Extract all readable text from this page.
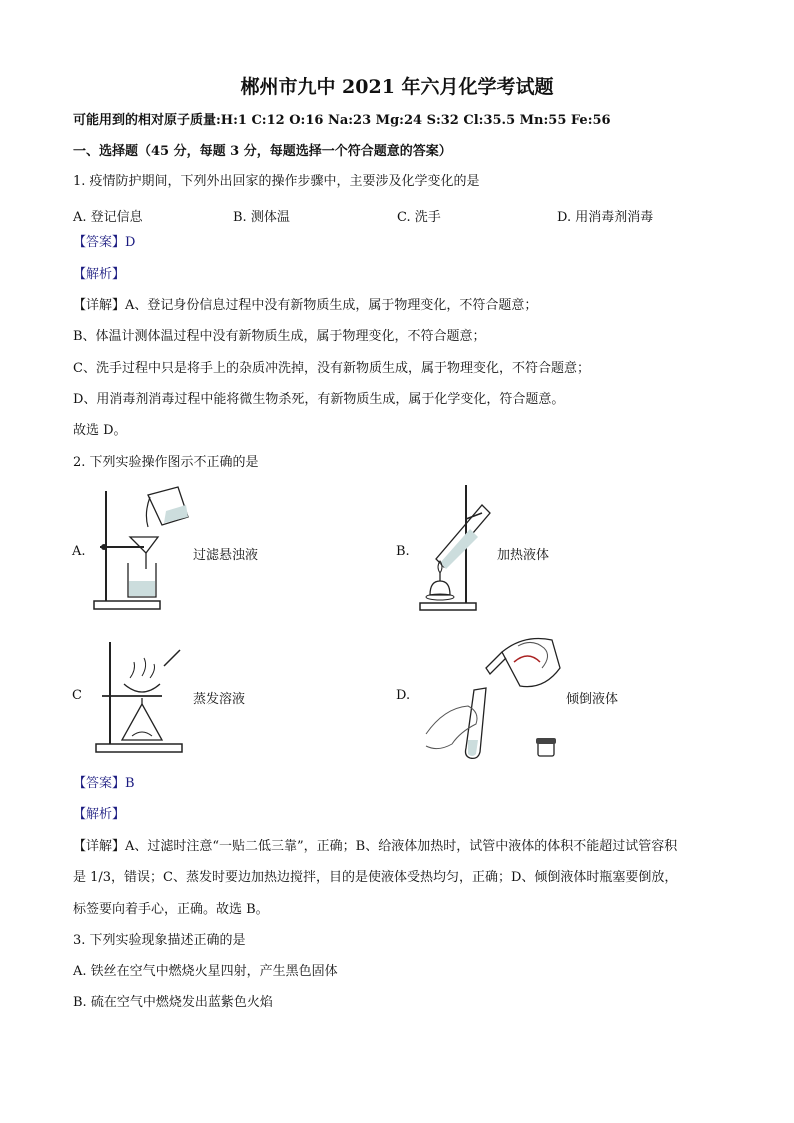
郴州市九中 2021 年六月化学考试题
可能用到的相对原子质量:H:1 C:12 O:16 Na:23 Mg:24 S:32 Cl:35.5 Mn:55 Fe:56
一、选择题（45 分，每题 3 分，每题选择一个符合题意的答案）
1. 疫情防护期间，下列外出回家的操作步骤中，主要涉及化学变化的是
A. 登记信息	B. 测体温	C. 洗手	D. 用消毒剂消毒
【答案】D
【解析】
【详解】A、登记身份信息过程中没有新物质生成，属于物理变化，不符合题意；
B、体温计测体温过程中没有新物质生成，属于物理变化，不符合题意；
C、洗手过程中只是将手上的杂质冲洗掉，没有新物质生成，属于物理变化，不符合题意；
D、用消毒剂消毒过程中能将微生物杀死，有新物质生成，属于化学变化，符合题意。
故选 D。
2. 下列实验操作图示不正确的是
A.	过滤悬浊液	B.	加热液体
C	蒸发溶液	D.	倾倒液体
【答案】B
【解析】
【详解】A、过滤时注意“一贴二低三靠”，正确；B、给液体加热时，试管中液体的体积不能超过试管容积
是 1/3，错误；C、蒸发时要边加热边搅拌，目的是使液体受热均匀，正确；D、倾倒液体时瓶塞要倒放，
标签要向着手心，正确。故选 B。
3. 下列实验现象描述正确的是
A. 铁丝在空气中燃烧火星四射，产生黑色固体
B. 硫在空气中燃烧发出蓝紫色火焰
